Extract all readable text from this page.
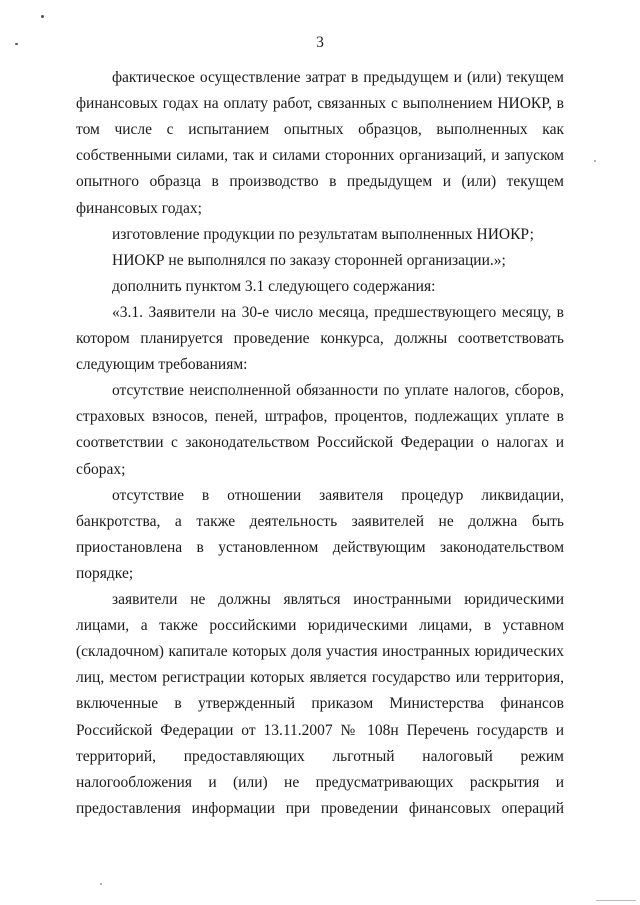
3
фактическое осуществление затрат в предыдущем и (или) текущем
финансовых годах на оплату работ, связанных с выполнением НИОКР, в
том числе с испытанием опытных образцов, выполненных как
собственными силами, так и силами сторонних организаций, и запуском
опытного образца в производство в предыдущем и (или) текущем
финансовых годах;
изготовление продукции по результатам выполненных НИОКР;
НИОКР не выполнялся по заказу сторонней организации.»;
дополнить пунктом 3.1 следующего содержания:
«3.1. Заявители на 30-е число месяца, предшествующего месяцу, в
котором планируется проведение конкурса, должны соответствовать
следующим требованиям:
отсутствие неисполненной обязанности по уплате налогов, сборов,
страховых взносов, пеней, штрафов, процентов, подлежащих уплате в
соответствии с законодательством Российской Федерации о налогах и
сборах;
отсутствие в отношении заявителя процедур ликвидации,
банкротства, а также деятельность заявителей не должна быть
приостановлена в установленном действующим законодательством
порядке;
заявители не должны являться иностранными юридическими
лицами, а также российскими юридическими лицами, в уставном
(складочном) капитале которых доля участия иностранных юридических
лиц, местом регистрации которых является государство или территория,
включенные в утвержденный приказом Министерства финансов
Российской Федерации от 13.11.2007 № 108н Перечень государств и
территорий, предоставляющих льготный налоговый режим
налогообложения и (или) не предусматривающих раскрытия и
предоставления информации при проведении финансовых операций
